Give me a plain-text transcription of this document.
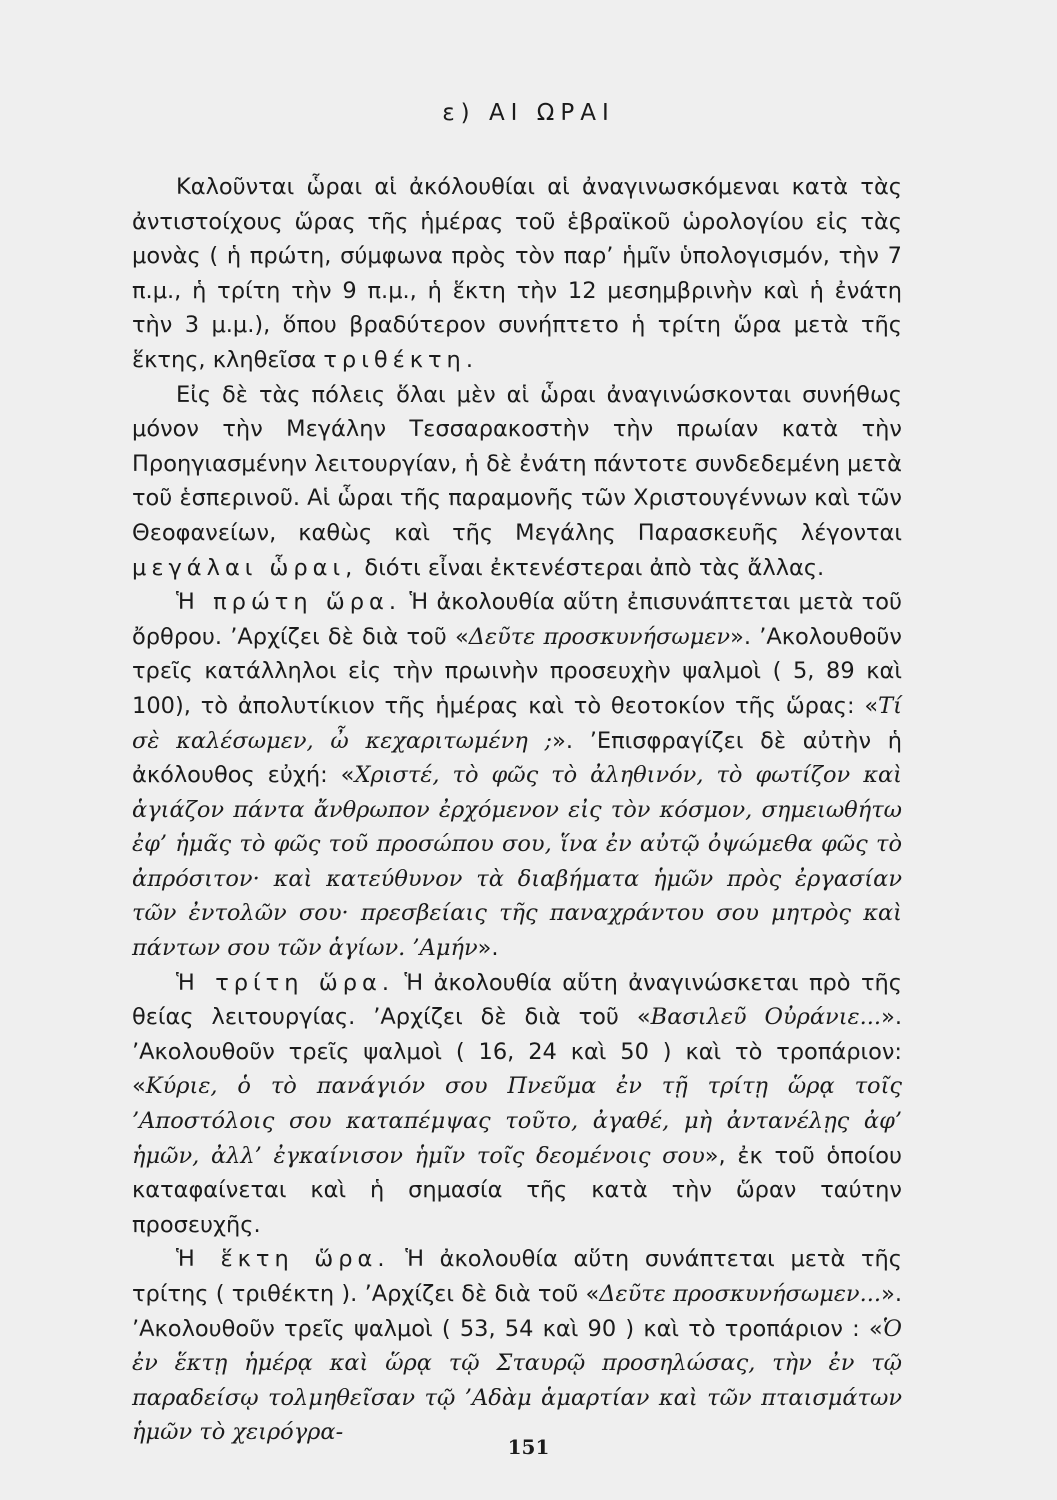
ε) ΑΙ ΩΡΑΙ

Καλοῦνται ὧραι αἱ ἀκόλουθίαι αἱ ἀναγινωσκόμεναι κατὰ τὰς ἀντιστοίχους ὥρας τῆς ἡμέρας τοῦ ἑβραϊκοῦ ὡρολογίου εἰς τὰς μονὰς ( ἡ πρώτη, σύμφωνα πρὸς τὸν παρ’ ἡμῖν ὑπολογισμόν, τὴν 7 π.μ., ἡ τρίτη τὴν 9 π.μ., ἡ ἕκτη τὴν 12 μεσημβρινὴν καὶ ἡ ἐνάτη τὴν 3 μ.μ.), ὅπου βραδύτερον συνήπτετο ἡ τρίτη ὥρα μετὰ τῆς ἕκτης, κληθεῖσα τριθέκτη.

Εἰς δὲ τὰς πόλεις ὅλαι μὲν αἱ ὧραι ἀναγινώσκονται συνήθως μόνον τὴν Μεγάλην Τεσσαρακοστὴν τὴν πρωίαν κατὰ τὴν Προηγιασμένην λειτουργίαν, ἡ δὲ ἐνάτη πάντοτε συνδεδεμένη μετὰ τοῦ ἑσπερινοῦ. Αἱ ὧραι τῆς παραμονῆς τῶν Χριστουγέννων καὶ τῶν Θεοφανείων, καθὼς καὶ τῆς Μεγάλης Παρασκευῆς λέγονται μεγάλαι ὧραι, διότι εἶναι ἐκτενέστεραι ἀπὸ τὰς ἄλλας.

Ἡ πρώτη ὥρα. Ἡ ἀκολουθία αὕτη ἐπισυνάπτεται μετὰ τοῦ ὄρθρου. ’Αρχίζει δὲ διὰ τοῦ «Δεῦτε προσκυνήσωμεν». ’Ακολουθοῦν τρεῖς κατάλληλοι εἰς τὴν πρωινὴν προσευχὴν ψαλμοὶ ( 5, 89 καὶ 100), τὸ ἀπολυτίκιον τῆς ἡμέρας καὶ τὸ θεοτοκίον τῆς ὥρας: «Τί σὲ καλέσωμεν, ὦ κεχαριτωμένη ;». ’Επισφραγίζει δὲ αὐτὴν ἡ ἀκόλουθος εὐχή: «Χριστέ, τὸ φῶς τὸ ἀληθινόν, τὸ φωτίζον καὶ ἁγιάζον πάντα ἄνθρωπον ἐρχόμενον εἰς τὸν κόσμον, σημειωθήτω ἐφ’ ἡμᾶς τὸ φῶς τοῦ προσώπου σου, ἵνα ἐν αὐτῷ ὀψώμεθα φῶς τὸ ἀπρόσιτον· καὶ κατεύθυνον τὰ διαβήματα ἡμῶν πρὸς ἐργασίαν τῶν ἐντολῶν σου· πρεσβείαις τῆς παναχράντου σου μητρὸς καὶ πάντων σου τῶν ἁγίων. ’Αμήν».

Ἡ τρίτη ὥρα. Ἡ ἀκολουθία αὕτη ἀναγινώσκεται πρὸ τῆς θείας λειτουργίας. ’Αρχίζει δὲ διὰ τοῦ «Βασιλεῦ Οὐράνιε...». ’Ακολουθοῦν τρεῖς ψαλμοὶ ( 16, 24 καὶ 50 ) καὶ τὸ τροπάριον: «Κύριε, ὁ τὸ πανάγιόν σου Πνεῦμα ἐν τῇ τρίτῃ ὥρᾳ τοῖς ’Αποστόλοις σου καταπέμψας τοῦτο, ἀγαθέ, μὴ ἀντανέλῃς ἀφ’ ἡμῶν, ἀλλ’ ἐγκαίνισον ἡμῖν τοῖς δεομένοις σου», ἐκ τοῦ ὁποίου καταφαίνεται καὶ ἡ σημασία τῆς κατὰ τὴν ὥραν ταύτην προσευχῆς.

Ἡ ἕκτη ὥρα. Ἡ ἀκολουθία αὕτη συνάπτεται μετὰ τῆς τρίτης ( τριθέκτη ). ’Αρχίζει δὲ διὰ τοῦ «Δεῦτε προσκυνήσωμεν...». ’Ακολουθοῦν τρεῖς ψαλμοὶ ( 53, 54 καὶ 90 ) καὶ τὸ τροπάριον : «Ὁ ἐν ἕκτῃ ἡμέρᾳ καὶ ὥρᾳ τῷ Σταυρῷ προσηλώσας, τὴν ἐν τῷ παραδείσῳ τολμηθεῖσαν τῷ ’Αδὰμ ἁμαρτίαν καὶ τῶν πταισμάτων ἡμῶν τὸ χειρόγρα-

151
